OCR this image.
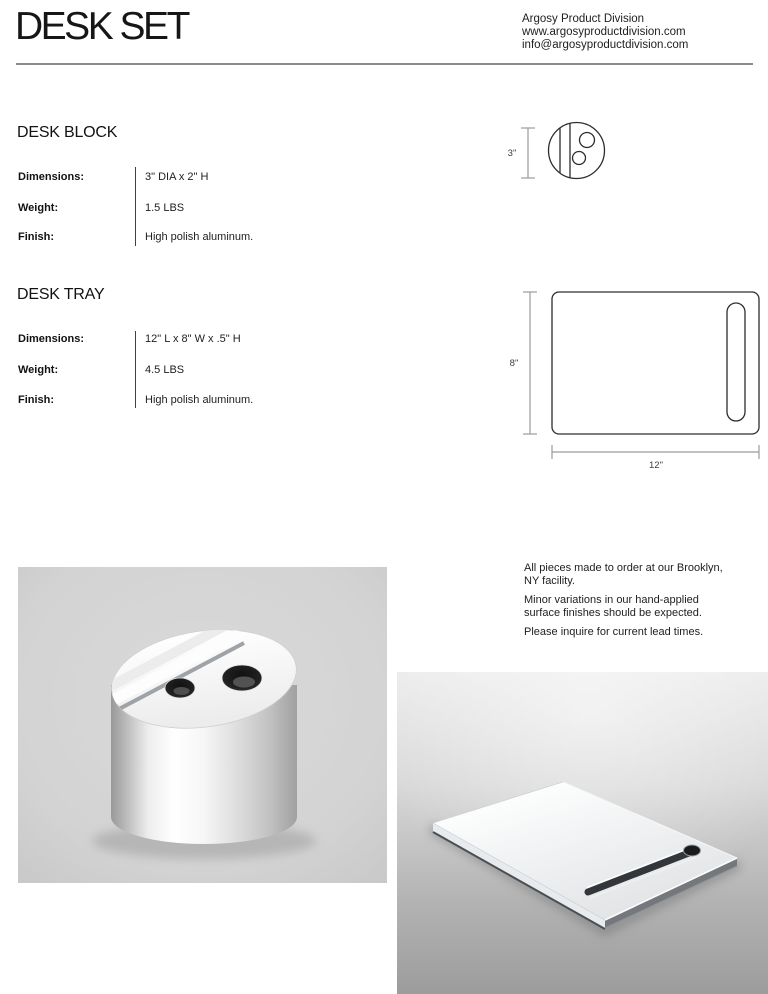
DESK SET	Argosy Product Division
www.argosyproductdivision.com
info@argosyproductdivision.com
DESK BLOCK
Dimensions:	3" DIA x 2" H
Weight:	1.5 LBS
Finish:	High polish aluminum.
3"
DESK TRAY
Dimensions:	12" L x 8" W x .5" H
Weight:	4.5 LBS
Finish:	High polish aluminum.
8"
12"

All pieces made to order at our Brooklyn, NY facility.

Minor variations in our hand-applied surface finishes should be expected.

Please inquire for current lead times.
